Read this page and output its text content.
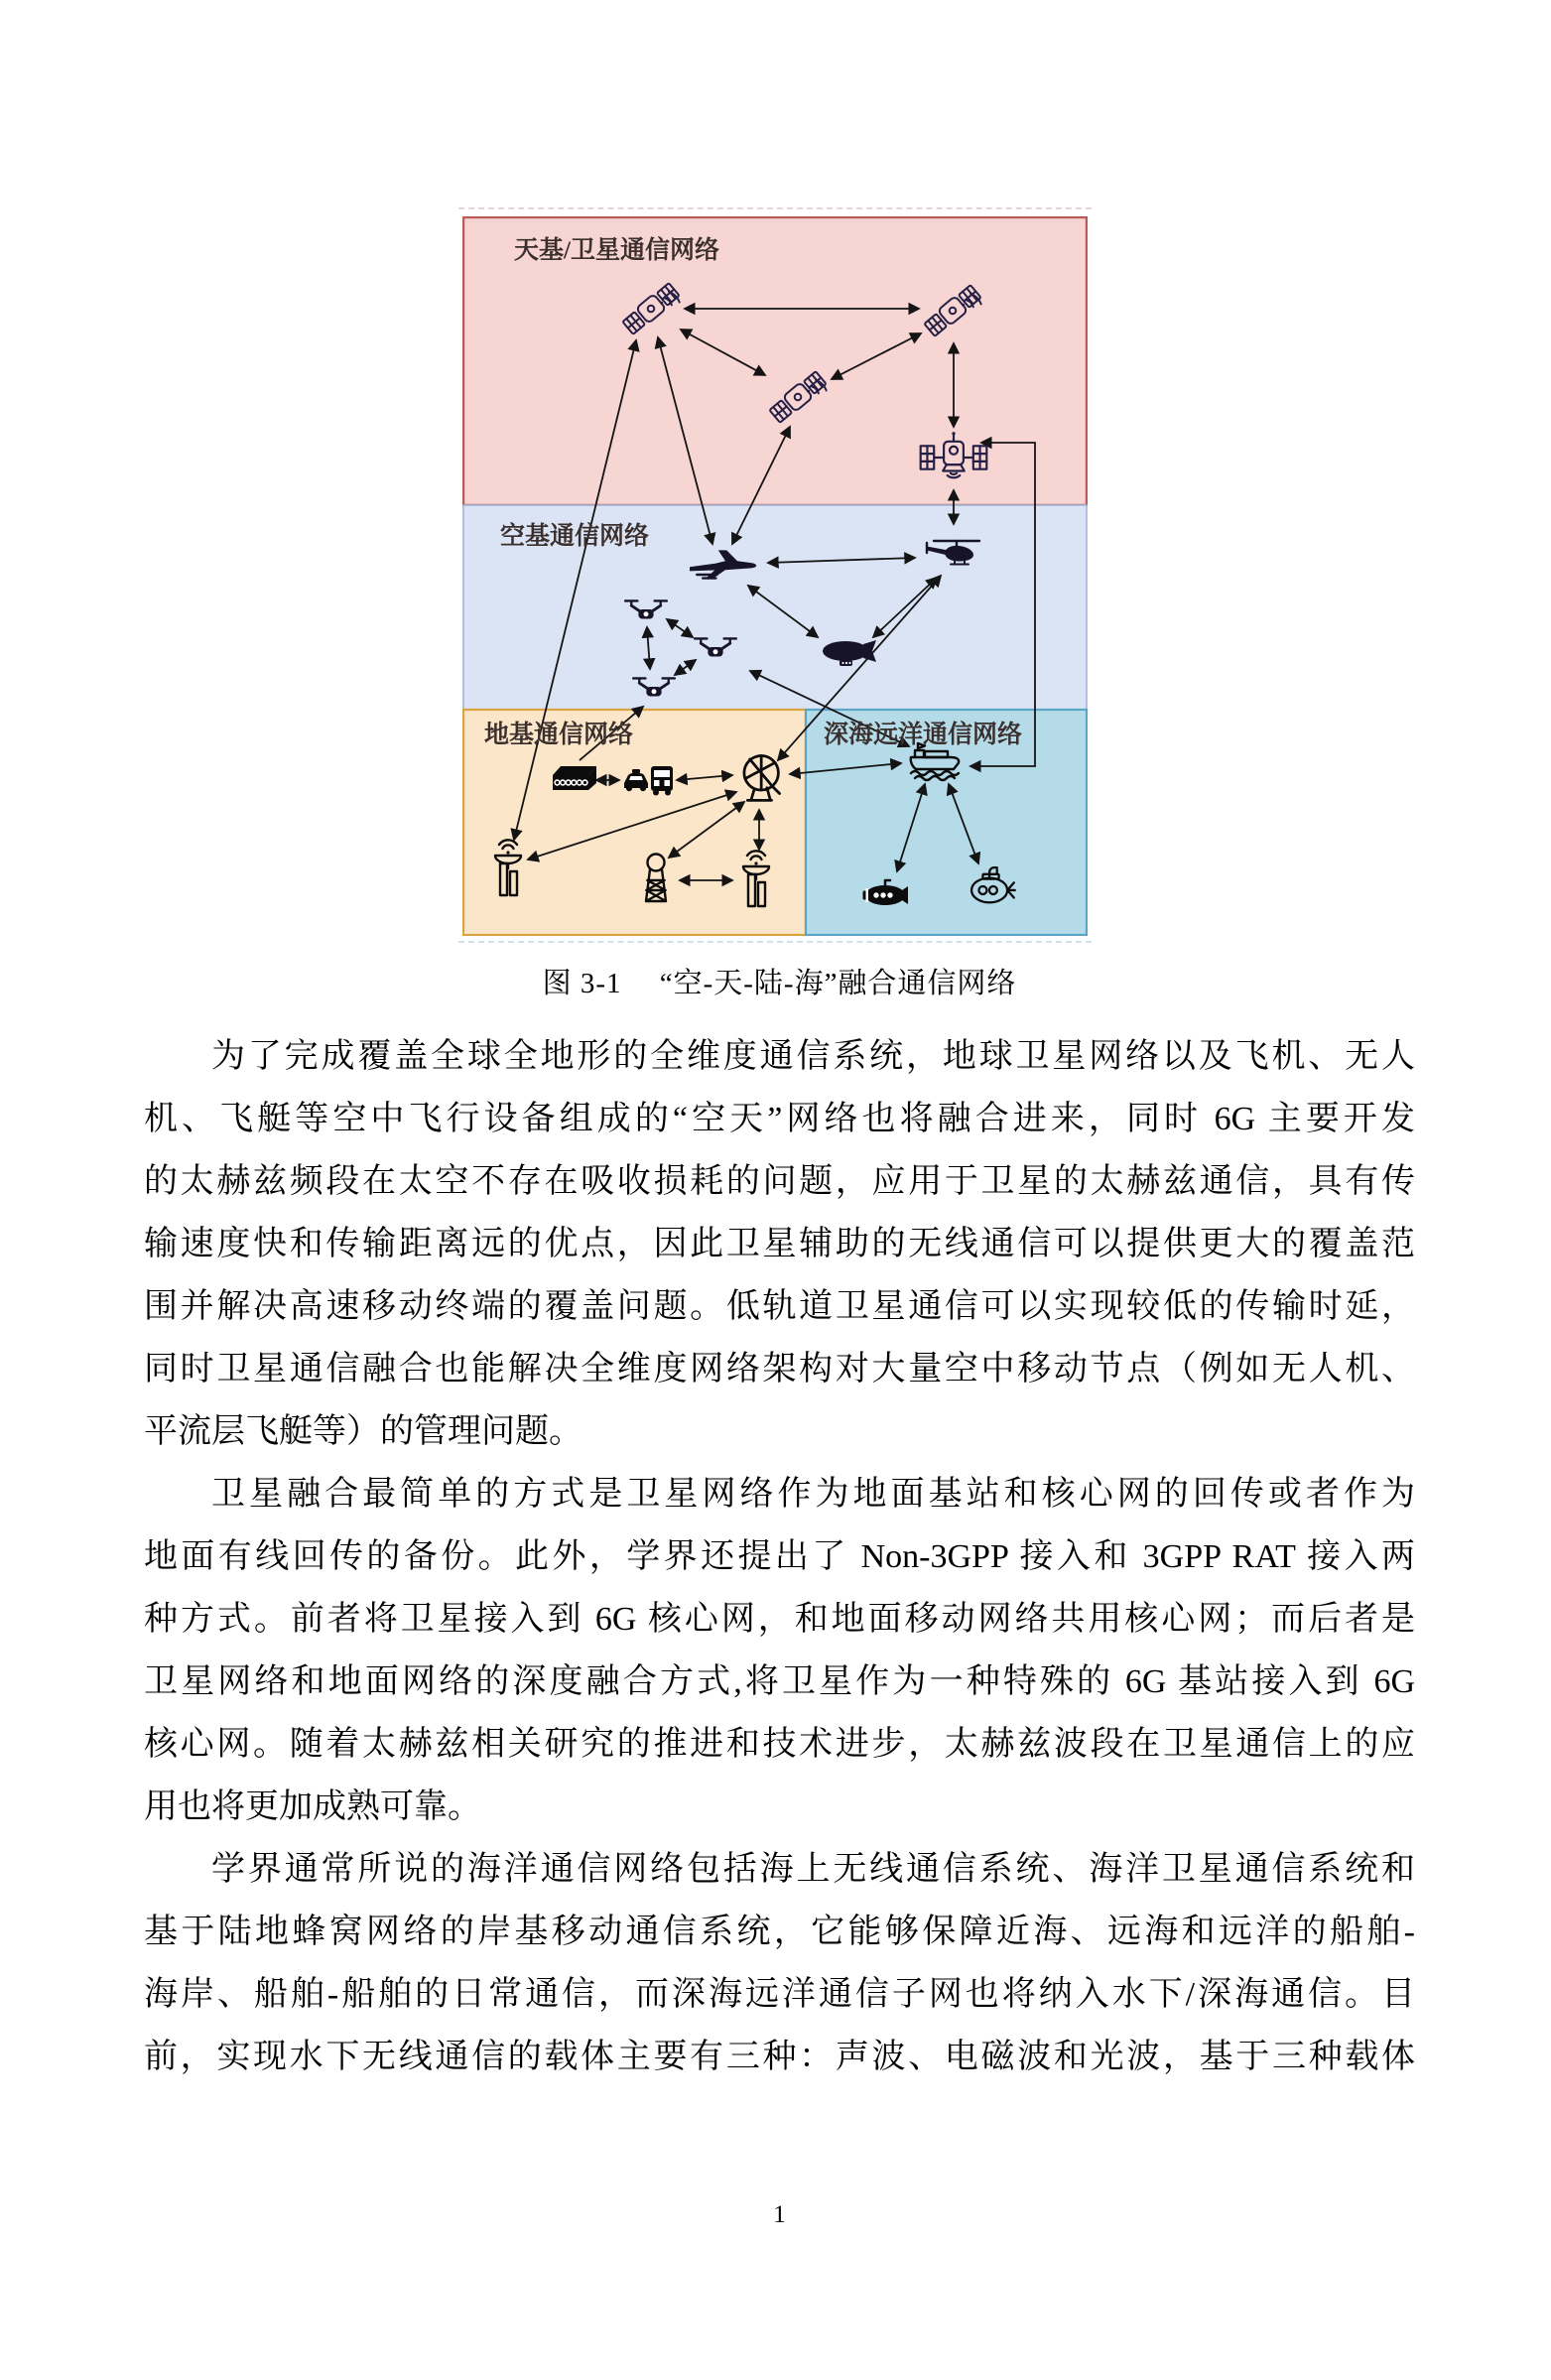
天基/卫星通信网络
空基通信网络
地基通信网络	深海远洋通信网络
图 3-1　 “空-天-陆-海”融合通信网络
为了完成覆盖全球全地形的全维度通信系统，地球卫星网络以及飞机、无人
机、飞艇等空中飞行设备组成的“空天”网络也将融合进来，同时 6G 主要开发
的太赫兹频段在太空不存在吸收损耗的问题，应用于卫星的太赫兹通信，具有传
输速度快和传输距离远的优点，因此卫星辅助的无线通信可以提供更大的覆盖范
围并解决高速移动终端的覆盖问题。低轨道卫星通信可以实现较低的传输时延，
同时卫星通信融合也能解决全维度网络架构对大量空中移动节点（例如无人机、
平流层飞艇等）的管理问题。
卫星融合最简单的方式是卫星网络作为地面基站和核心网的回传或者作为
地面有线回传的备份。此外，学界还提出了 Non-3GPP 接入和 3GPP RAT 接入两
种方式。前者将卫星接入到 6G 核心网，和地面移动网络共用核心网；而后者是
卫星网络和地面网络的深度融合方式,将卫星作为一种特殊的 6G 基站接入到 6G
核心网。随着太赫兹相关研究的推进和技术进步，太赫兹波段在卫星通信上的应
用也将更加成熟可靠。
学界通常所说的海洋通信网络包括海上无线通信系统、海洋卫星通信系统和
基于陆地蜂窝网络的岸基移动通信系统，它能够保障近海、远海和远洋的船舶-
海岸、船舶-船舶的日常通信，而深海远洋通信子网也将纳入水下/深海通信。目
前，实现水下无线通信的载体主要有三种：声波、电磁波和光波，基于三种载体
1
